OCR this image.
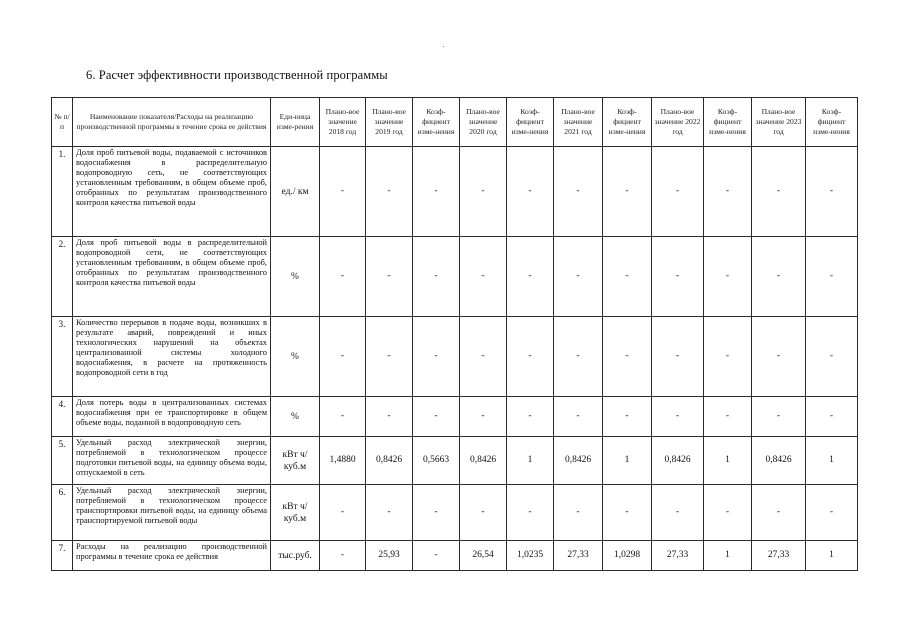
6. Расчет эффективности производственной программы
№ п/п	Наименование показателя/Расходы на реализацию производственной программы в течение срока ее действия	Еди-ница изме-рения	Плано-вое значение 2018 год	Плано-вое значение 2019 год	Коэф-фициент изме-нения	Плано-вое значение 2020 год	Коэф-фициент изме-нения	Плано-вое значение 2021 год	Коэф-фициент изме-нения	Плано-вое значение 2022 год	Коэф-фициент изме-нения	Плано-вое значение 2023 год	Коэф-фициент изме-нения
1.	Доля проб питьевой воды, подаваемой с источников водоснабжения в распределительную водопроводную сеть, не соответствующих установленным требованиям, в общем объеме проб, отобранных по результатам производственного контроля качества питьевой воды	ед./ км	-	-	-	-	-	-	-	-	-	-	-
2.	Доля проб питьевой воды в распределительной водопроводной сети, не соответствующих установленным требованиям, в общем объеме проб, отобранных по результатам производственного контроля качества питьевой воды	%	-	-	-	-	-	-	-	-	-	-	-
3.	Количество перерывов в подаче воды, возникших в результате аварий, повреждений и иных технологических нарушений на объектах централизованной системы холодного водоснабжения, в расчете на протяженность водопроводной сети в год	%	-	-	-	-	-	-	-	-	-	-	-
4.	Доля потерь воды в централизованных системах водоснабжения при ее транспортировке в общем объеме воды, поданной в водопроводную сеть	%	-	-	-	-	-	-	-	-	-	-	-
5.	Удельный расход электрической энергии, потребляемой в технологическом процессе подготовки питьевой воды, на единицу объема воды, отпускаемой в сеть	кВт ч/куб.м	1,4880	0,8426	0,5663	0,8426	1	0,8426	1	0,8426	1	0,8426	1
6.	Удельный расход электрической энергии, потребляемой в технологическом процессе транспортировки питьевой воды, на единицу объема транспортируемой питьевой воды	кВт ч/куб.м	-	-	-	-	-	-	-	-	-	-	-
7.	Расходы на реализацию производственной программы в течение срока ее действия	тыс.руб.	-	25,93	-	26,54	1,0235	27,33	1,0298	27,33	1	27,33	1
